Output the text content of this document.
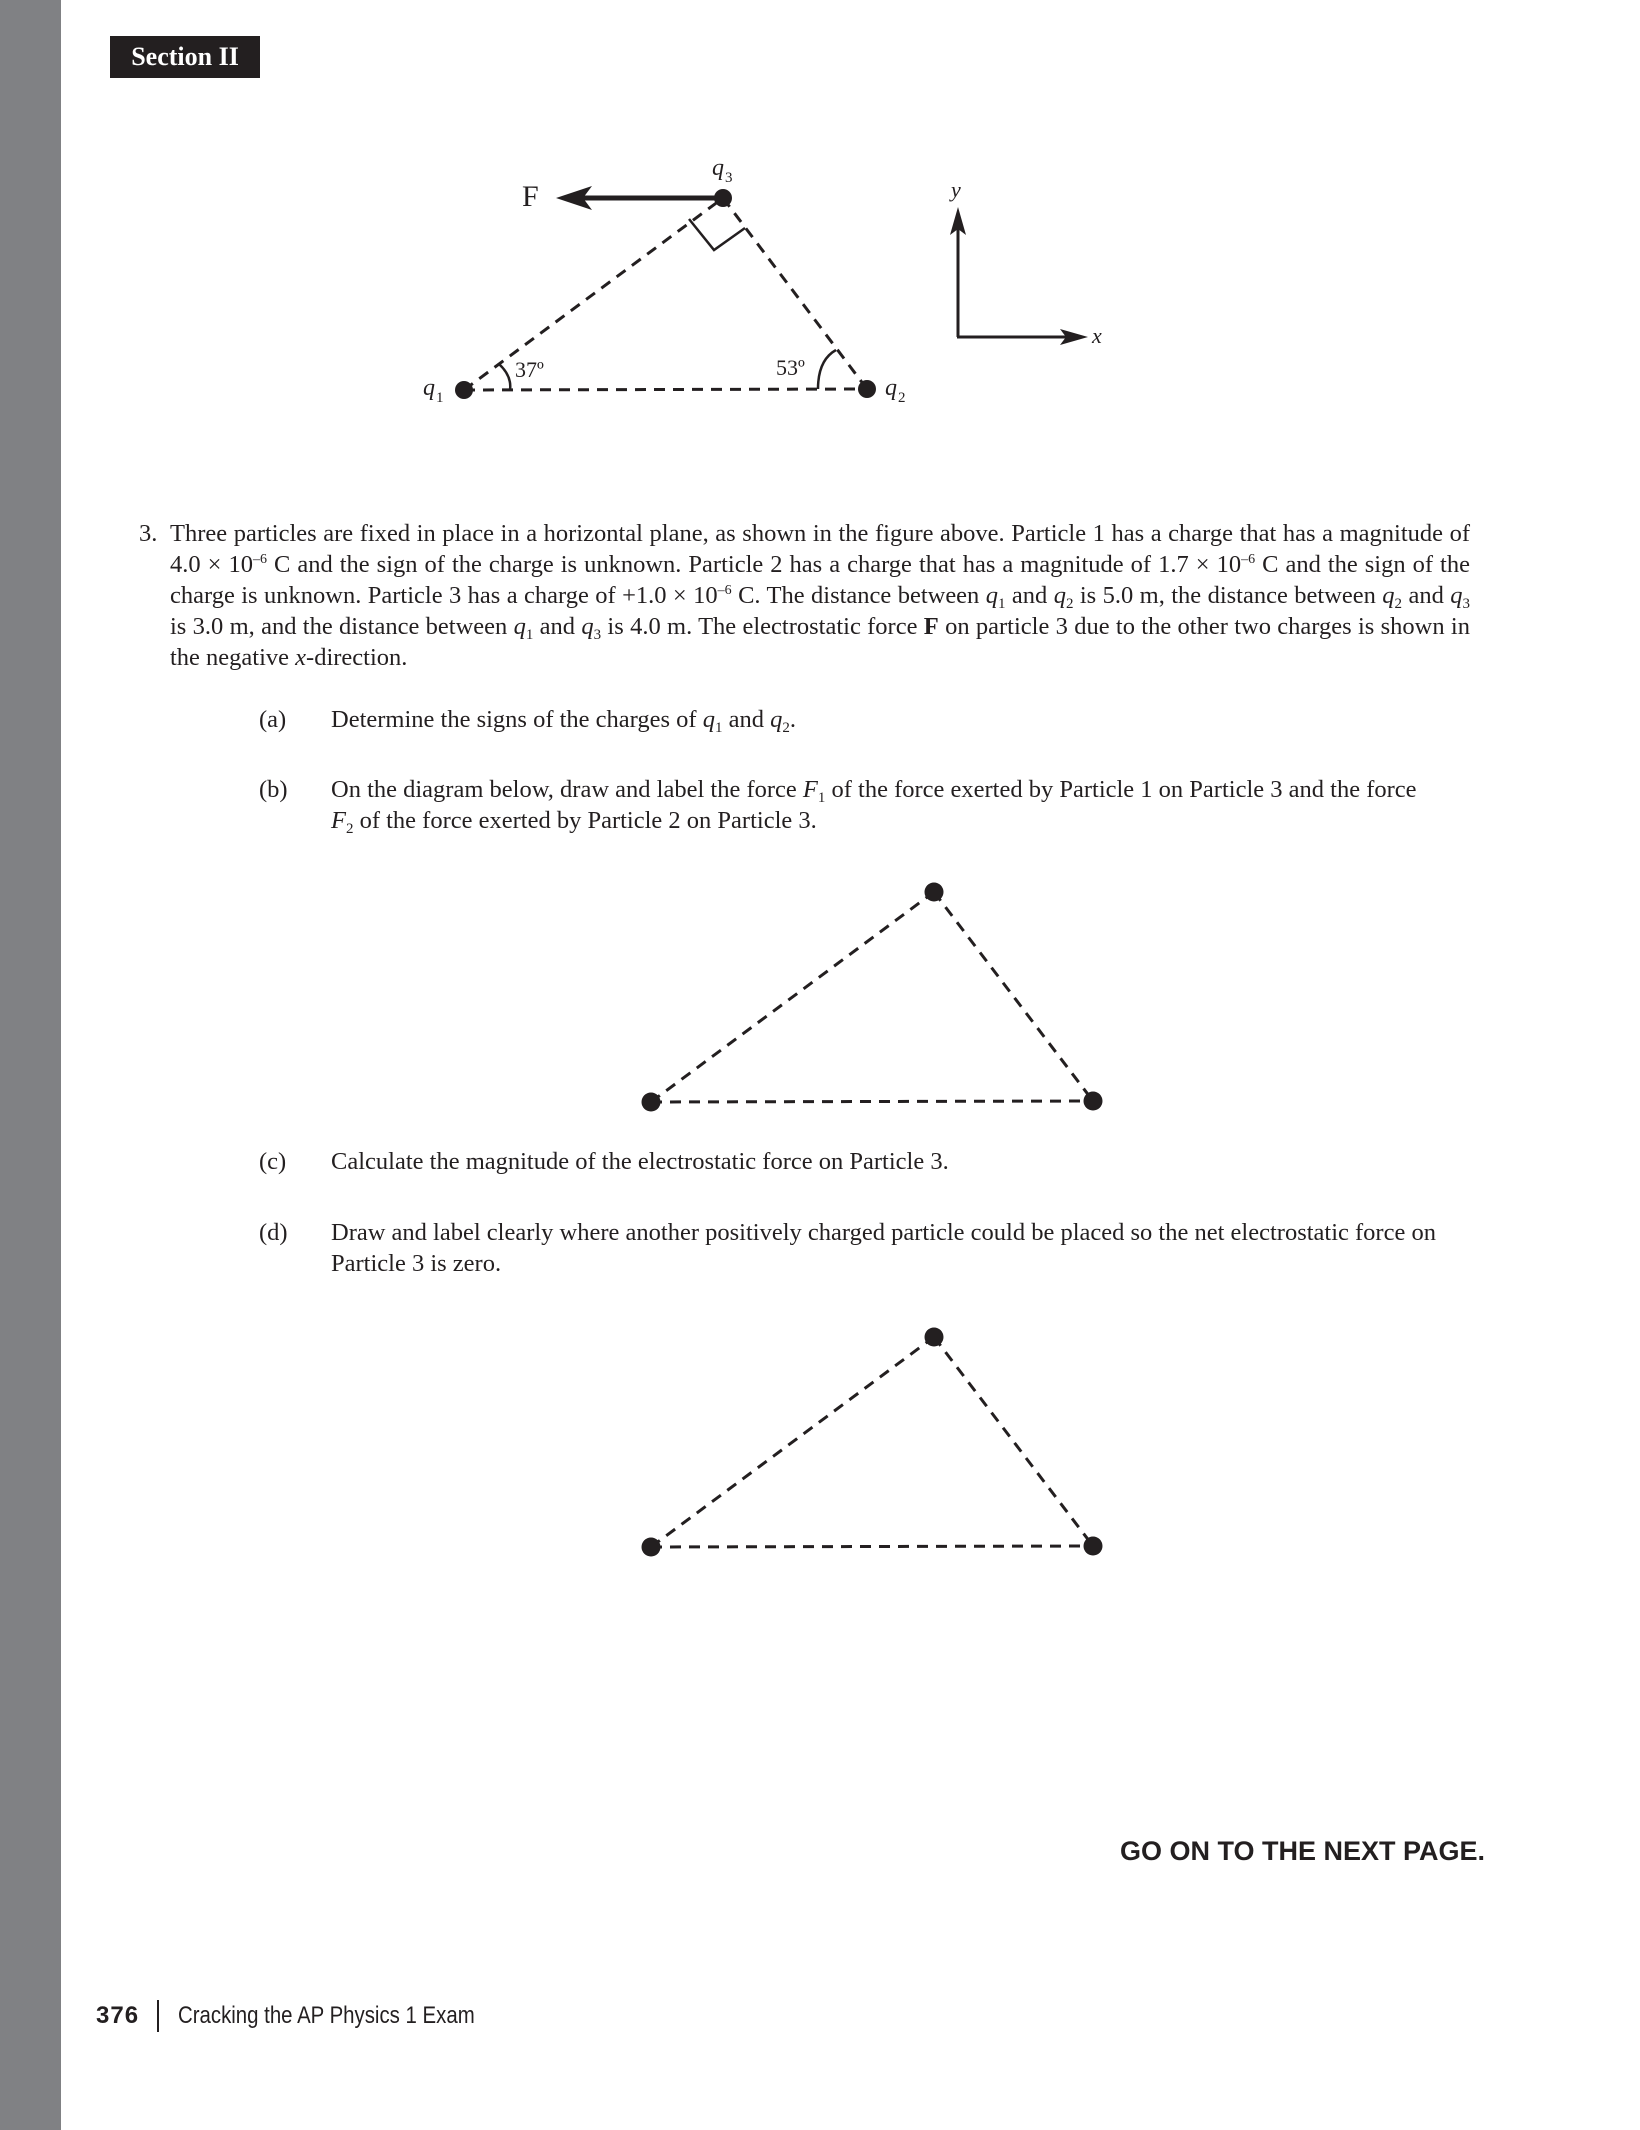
Section II
F
q 1	q 2
q 3
37º	53º
y
x
3. Three particles are fixed in place in a horizontal plane, as shown in the figure above. Particle 1 has a charge that has a magnitude of $4.0 \times 10^{-6}$ C and the sign of the charge is unknown. Particle 2 has a charge that has a magnitude of $1.7 \times 10^{-6}$ C and the sign of the charge is unknown. Particle 3 has a charge of $+1.0 \times 10^{-6}$ C. The distance between $q_1$ and $q_2$ is 5.0 m, the distance between $q_2$ and $q_3$ is 3.0 m, and the distance between $q_1$ and $q_3$ is 4.0 m. The electrostatic force F on particle 3 due to the other two charges is shown in the negative x-direction.
(a) Determine the signs of the charges of $q_1$ and $q_2$.
(b) On the diagram below, draw and label the force $F_1$ of the force exerted by Particle 1 on Particle 3 and the force
$F_2$ of the force exerted by Particle 2 on Particle 3.
(c) Calculate the magnitude of the electrostatic force on Particle 3.
(d) Draw and label clearly where another positively charged particle could be placed so the net electrostatic force on Particle 3 is zero.
GO ON TO THE NEXT PAGE.
376 Cracking the AP Physics 1 Exam
